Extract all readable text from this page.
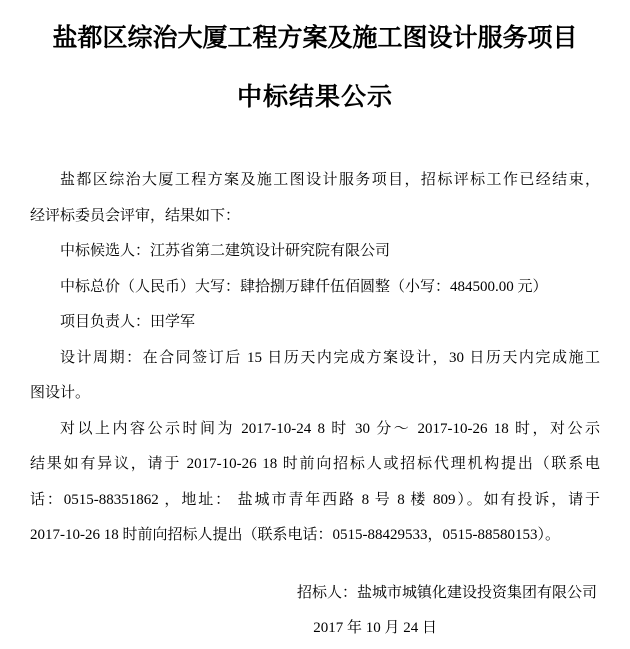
盐都区综治大厦工程方案及施工图设计服务项目
中标结果公示
盐都区综治大厦工程方案及施工图设计服务项目，招标评标工作已经结束，
经评标委员会评审，结果如下：
中标候选人：江苏省第二建筑设计研究院有限公司
中标总价（人民币）大写：肆拾捌万肆仟伍佰圆整（小写：484500.00 元）
项目负责人：田学军
设计周期：在合同签订后 15 日历天内完成方案设计，30 日历天内完成施工
图设计。
对以上内容公示时间为 2017-10-24 8 时 30 分～ 2017-10-26 18 时，对公示
结果如有异议，请于 2017-10-26 18 时前向招标人或招标代理机构提出（联系电
话：0515-88351862 ，地址： 盐城市青年西路 8 号 8 楼 809）。如有投诉，请于
2017-10-26 18 时前向招标人提出（联系电话：0515-88429533，0515-88580153）。
招标人：盐城市城镇化建设投资集团有限公司
2017 年 10 月 24 日
